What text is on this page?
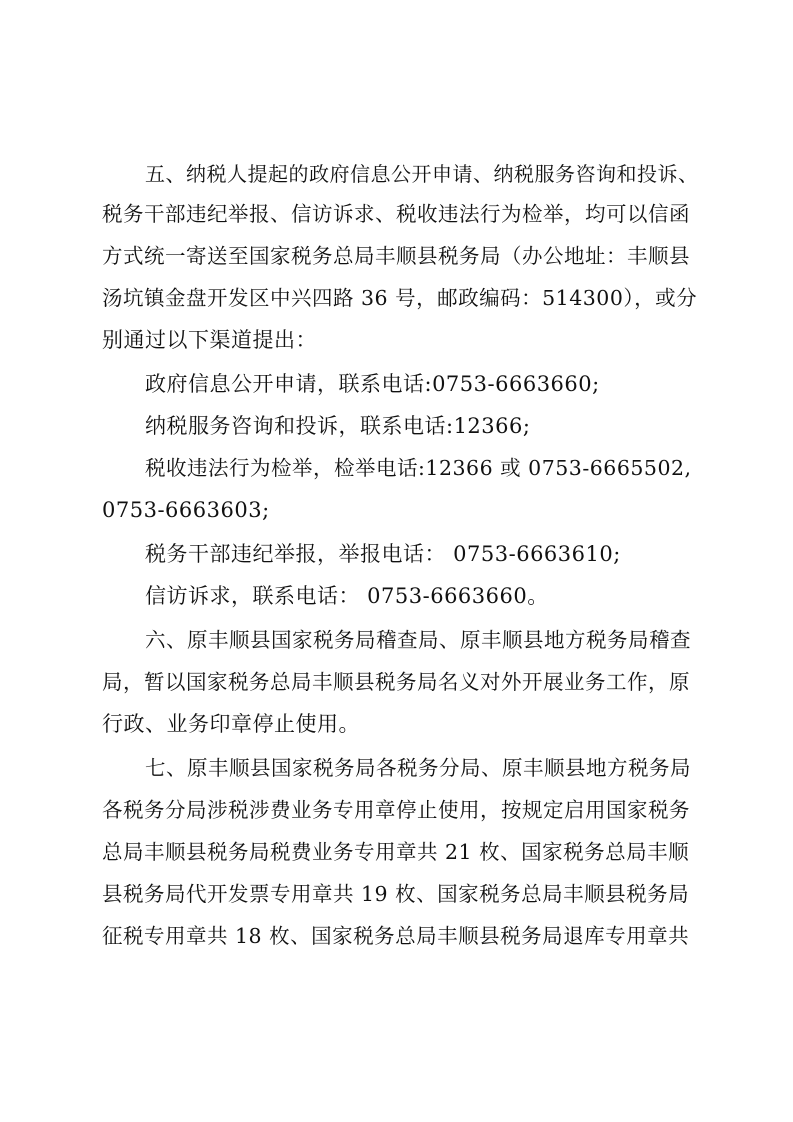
五、纳税人提起的政府信息公开申请、纳税服务咨询和投诉、
税务干部违纪举报、信访诉求、税收违法行为检举，均可以信函
方式统一寄送至国家税务总局丰顺县税务局（办公地址：丰顺县
汤坑镇金盘开发区中兴四路 36 号，邮政编码：514300），或分
别通过以下渠道提出：
政府信息公开申请，联系电话:0753-6663660;
纳税服务咨询和投诉，联系电话:12366;
税收违法行为检举，检举电话:12366 或 0753-6665502,
0753-6663603;
税务干部违纪举报，举报电话： 0753-6663610;
信访诉求，联系电话： 0753-6663660。
六、原丰顺县国家税务局稽查局、原丰顺县地方税务局稽查
局，暂以国家税务总局丰顺县税务局名义对外开展业务工作，原
行政、业务印章停止使用。
七、原丰顺县国家税务局各税务分局、原丰顺县地方税务局
各税务分局涉税涉费业务专用章停止使用，按规定启用国家税务
总局丰顺县税务局税费业务专用章共 21 枚、国家税务总局丰顺
县税务局代开发票专用章共 19 枚、国家税务总局丰顺县税务局
征税专用章共 18 枚、国家税务总局丰顺县税务局退库专用章共
